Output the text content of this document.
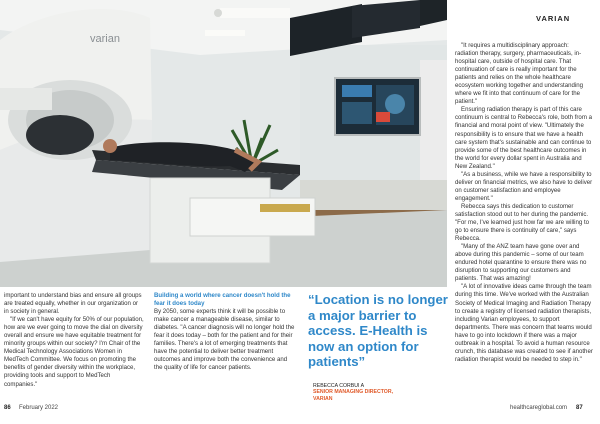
varian
VARIAN

important to understand bias and ensure all groups are treated equally, whether in our organization or in society in general.

"If we can't have equity for 50% of our population, how are we ever going to move the dial on diversity overall and ensure we have equitable treatment for minority groups within our society? I'm Chair of the Medical Technology Associations Women in MedTech Committee. We focus on promoting the benefits of gender diversity within the workplace, providing tools and support to MedTech companies."

Building a world where cancer doesn't hold the fear it does today

By 2050, some experts think it will be possible to make cancer a manageable disease, similar to diabetes. "A cancer diagnosis will no longer hold the fear it does today – both for the patient and for their families. There's a lot of emerging treatments that have the potential to deliver better treatment outcomes and improve both the convenience and the quality of life for cancer patients.

“Location is no longer a major barrier to access. E-Health is now an option for patients”
REBECCA CORBUI A
SENIOR MANAGING DIRECTOR,
VARIAN

"It requires a multidisciplinary approach: radiation therapy, surgery, pharmaceuticals, in-hospital care, outside of hospital care. That continuation of care is really important for the patients and relies on the whole healthcare ecosystem working together and understanding where we fit into that continuum of care for the patient."

Ensuring radiation therapy is part of this care continuum is central to Rebecca's role, both from a financial and moral point of view. "Ultimately the responsibility is to ensure that we have a health care system that's sustainable and can continue to provide some of the best healthcare outcomes in the world for every dollar spent in Australia and New Zealand."

"As a business, while we have a responsibility to deliver on financial metrics, we also have to deliver on customer satisfaction and employee engagement."

Rebecca says this dedication to customer satisfaction stood out to her during the pandemic. "For me, I've learned just how far we are willing to go to ensure there is continuity of care," says Rebecca.

"Many of the ANZ team have gone over and above during this pandemic – some of our team endured hotel quarantine to ensure there was no disruption to supporting our customers and patients. That was amazing!

"A lot of innovative ideas came through the team during this time. We've worked with the Australian Society of Medical Imaging and Radiation Therapy to create a registry of licensed radiation therapists, including Varian employees, to support departments. There was concern that teams would have to go into lockdown if there was a major outbreak in a hospital. To avoid a human resource crunch, this database was created to see if another radiation therapist would be needed to step in."

86 February 2022	healthcareglobal.com 87
